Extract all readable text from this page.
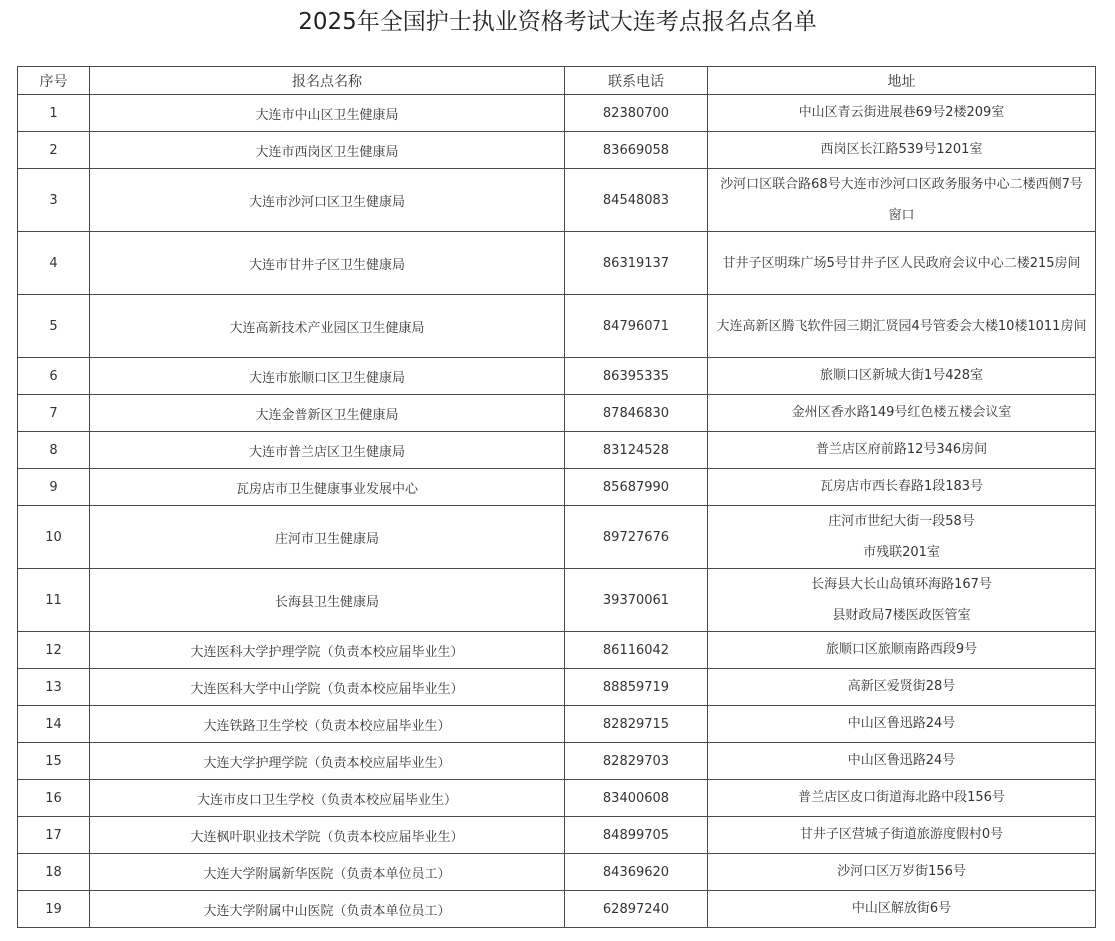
2025年全国护士执业资格考试大连考点报名点名单
序号	报名点名称	联系电话	地址
1	大连市中山区卫生健康局	82380700	中山区青云街进展巷69号2楼209室
2	大连市西岗区卫生健康局	83669058	西岗区长江路539号1201室
3	大连市沙河口区卫生健康局	84548083	沙河口区联合路68号大连市沙河口区政务服务中心二楼西侧7号窗口
4	大连市甘井子区卫生健康局	86319137	甘井子区明珠广场5号甘井子区人民政府会议中心二楼215房间
5	大连高新技术产业园区卫生健康局	84796071	大连高新区腾飞软件园三期汇贤园4号管委会大楼10楼1011房间
6	大连市旅顺口区卫生健康局	86395335	旅顺口区新城大街1号428室
7	大连金普新区卫生健康局	87846830	金州区香水路149号红色楼五楼会议室
8	大连市普兰店区卫生健康局	83124528	普兰店区府前路12号346房间
9	瓦房店市卫生健康事业发展中心	85687990	瓦房店市西长春路1段183号
10	庄河市卫生健康局	89727676	庄河市世纪大街一段58号
市残联201室
11	长海县卫生健康局	39370061	长海县大长山岛镇环海路167号
县财政局7楼医政医管室
12	大连医科大学护理学院（负责本校应届毕业生）	86116042	旅顺口区旅顺南路西段9号
13	大连医科大学中山学院（负责本校应届毕业生）	88859719	高新区爱贤街28号
14	大连铁路卫生学校（负责本校应届毕业生）	82829715	中山区鲁迅路24号
15	大连大学护理学院（负责本校应届毕业生）	82829703	中山区鲁迅路24号
16	大连市皮口卫生学校（负责本校应届毕业生）	83400608	普兰店区皮口街道海北路中段156号
17	大连枫叶职业技术学院（负责本校应届毕业生）	84899705	甘井子区营城子街道旅游度假村0号
18	大连大学附属新华医院（负责本单位员工）	84369620	沙河口区万岁街156号
19	大连大学附属中山医院（负责本单位员工）	62897240	中山区解放街6号
